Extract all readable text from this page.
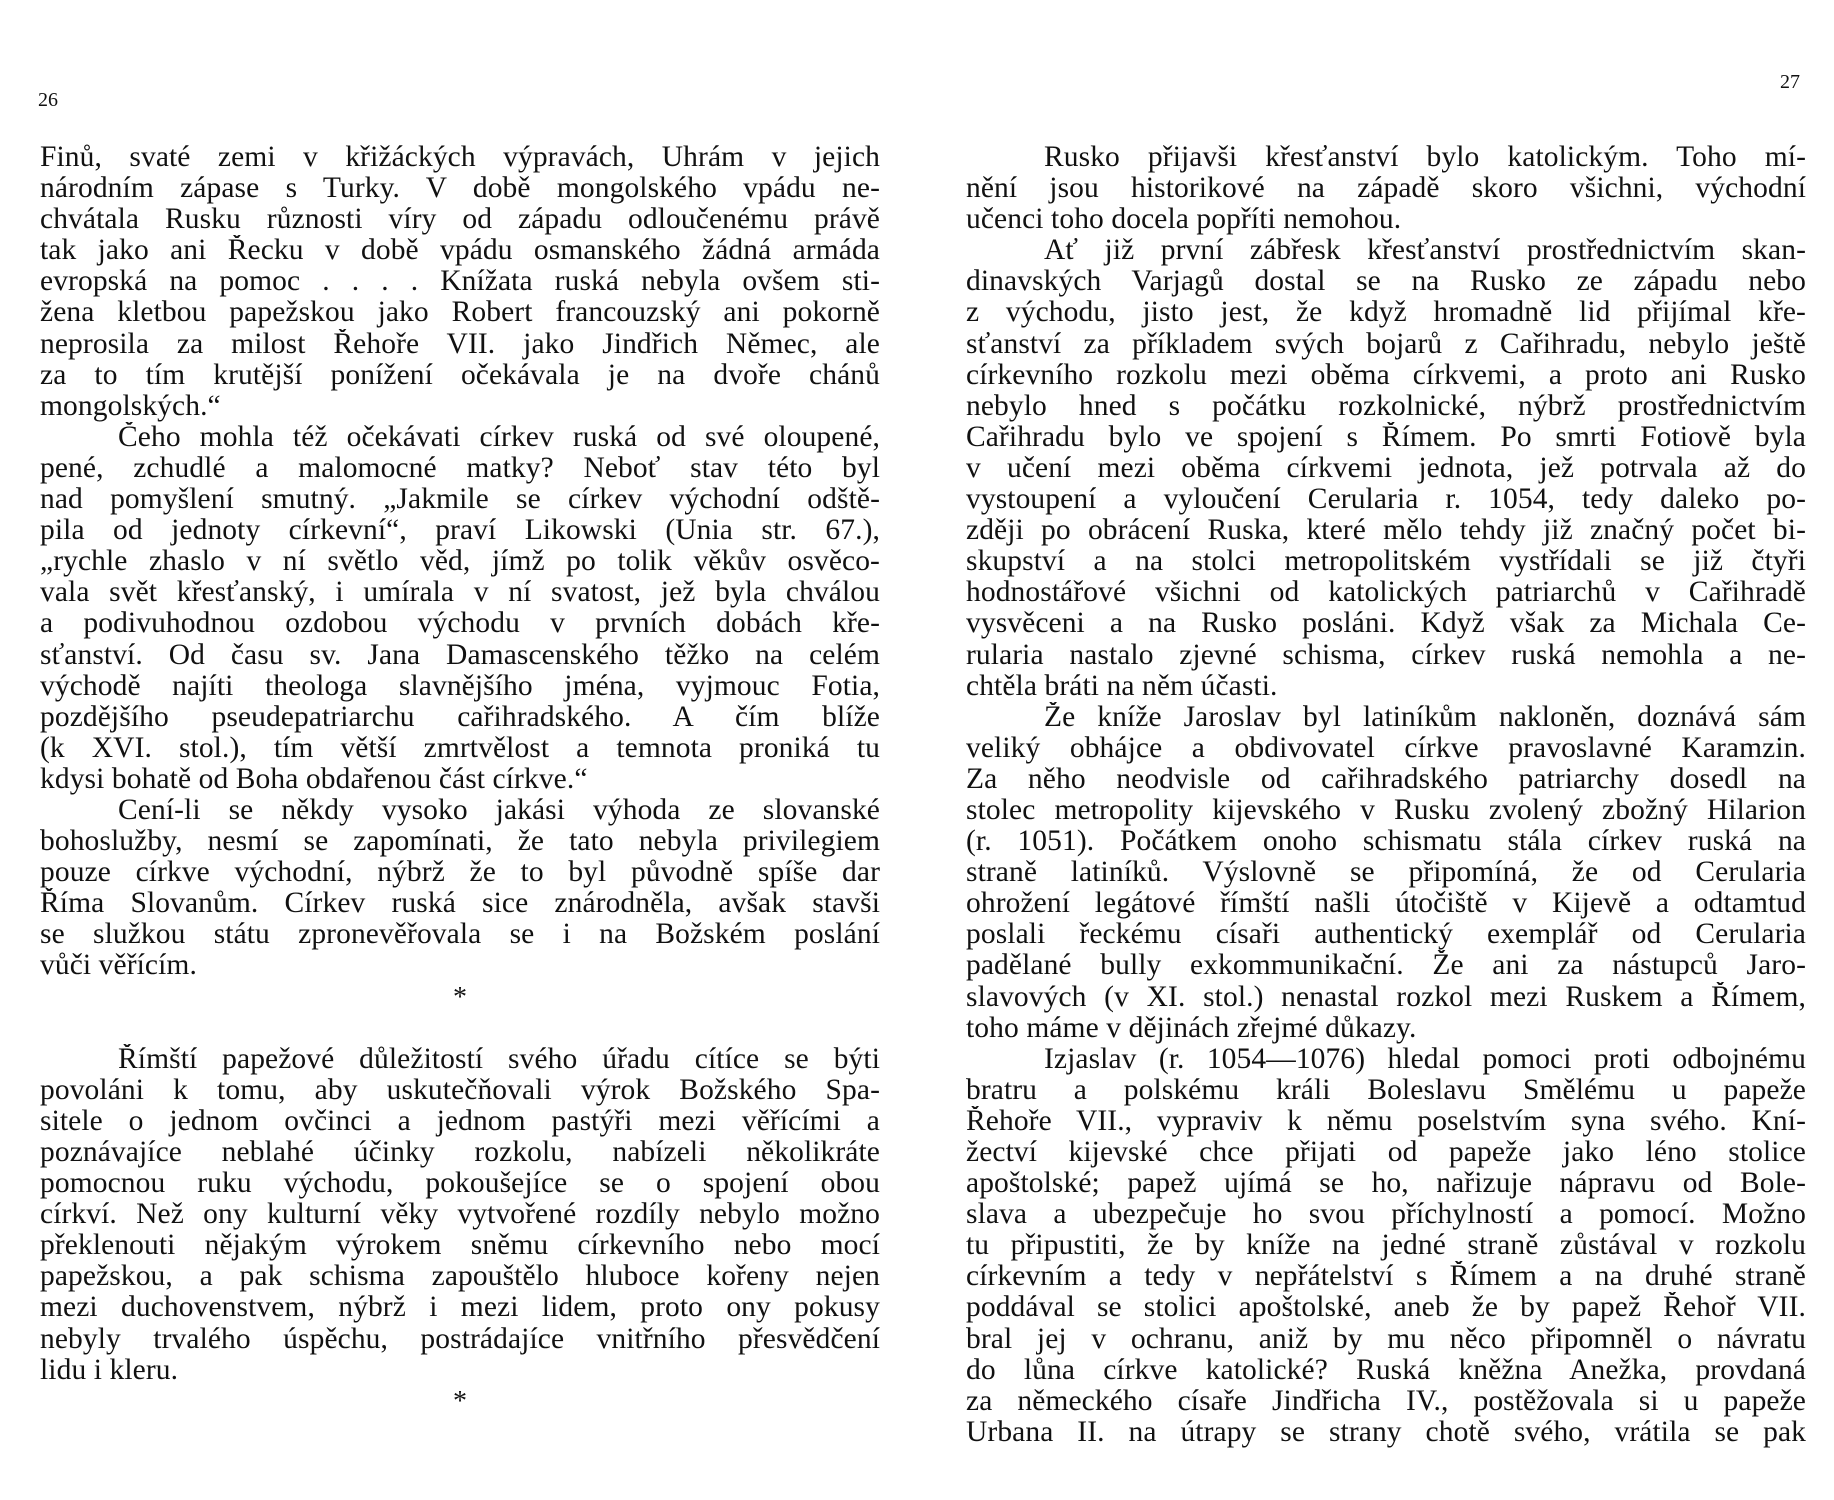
26
27
Finů, svaté zemi v křižáckých výpravách, Uhrám v jejich
národním zápase s Turky. V době mongolského vpádu ne-
chvátala Rusku různosti víry od západu odloučenému právě
tak jako ani Řecku v době vpádu osmanského žádná armáda
evropská na pomoc . . . . Knížata ruská nebyla ovšem sti-
žena kletbou papežskou jako Robert francouzský ani pokorně
neprosila za milost Řehoře VII. jako Jindřich Němec, ale
za to tím krutější ponížení očekávala je na dvoře chánů
mongolských.“
Čeho mohla též očekávati církev ruská od své oloupené,
pené, zchudlé a malomocné matky? Neboť stav této byl
nad pomyšlení smutný. „Jakmile se církev východní odště-
pila od jednoty církevní“, praví Likowski (Unia str. 67.),
„rychle zhaslo v ní světlo věd, jímž po tolik věkův osvěco-
vala svět křesťanský, i umírala v ní svatost, jež byla chválou
a podivuhodnou ozdobou východu v prvních dobách kře-
sťanství. Od času sv. Jana Damascenského těžko na celém
východě najíti theologa slavnějšího jména, vyjmouc Fotia,
pozdějšího pseudepatriarchu cařihradského. A čím blíže
(k XVI. stol.), tím větší zmrtvělost a temnota proniká tu
kdysi bohatě od Boha obdařenou část církve.“
Cení-li se někdy vysoko jakási výhoda ze slovanské
bohoslužby, nesmí se zapomínati, že tato nebyla privilegiem
pouze církve východní, nýbrž že to byl původně spíše dar
Říma Slovanům. Církev ruská sice znárodněla, avšak stavši
se služkou státu zpronevěřovala se i na Božském poslání
vůči věřícím.
*
Římští papežové důležitostí svého úřadu cítíce se býti
povoláni k tomu, aby uskutečňovali výrok Božského Spa-
sitele o jednom ovčinci a jednom pastýři mezi věřícími a
poznávajíce neblahé účinky rozkolu, nabízeli několikráte
pomocnou ruku východu, pokoušejíce se o spojení obou
církví. Než ony kulturní věky vytvořené rozdíly nebylo možno
překlenouti nějakým výrokem sněmu církevního nebo mocí
papežskou, a pak schisma zapouštělo hluboce kořeny nejen
mezi duchovenstvem, nýbrž i mezi lidem, proto ony pokusy
nebyly trvalého úspěchu, postrádajíce vnitřního přesvědčení
lidu i kleru.
*
Rusko přijavši křesťanství bylo katolickým. Toho mí-
nění jsou historikové na západě skoro všichni, východní
učenci toho docela popříti nemohou.
Ať již první zábřesk křesťanství prostřednictvím skan-
dinavských Varjagů dostal se na Rusko ze západu nebo
z východu, jisto jest, že když hromadně lid přijímal kře-
sťanství za příkladem svých bojarů z Cařihradu, nebylo ještě
církevního rozkolu mezi oběma církvemi, a proto ani Rusko
nebylo hned s počátku rozkolnické, nýbrž prostřednictvím
Cařihradu bylo ve spojení s Římem. Po smrti Fotiově byla
v učení mezi oběma církvemi jednota, jež potrvala až do
vystoupení a vyloučení Cerularia r. 1054, tedy daleko po-
zději po obrácení Ruska, které mělo tehdy již značný počet bi-
skupství a na stolci metropolitském vystřídali se již čtyři
hodnostářové všichni od katolických patriarchů v Cařihradě
vysvěceni a na Rusko posláni. Když však za Michala Ce-
rularia nastalo zjevné schisma, církev ruská nemohla a ne-
chtěla bráti na něm účasti.
Že kníže Jaroslav byl latiníkům nakloněn, doznává sám
veliký obhájce a obdivovatel církve pravoslavné Karamzin.
Za něho neodvisle od cařihradského patriarchy dosedl na
stolec metropolity kijevského v Rusku zvolený zbožný Hilarion
(r. 1051). Počátkem onoho schismatu stála církev ruská na
straně latiníků. Výslovně se připomíná, že od Cerularia
ohrožení legátové římští našli útočiště v Kijevě a odtamtud
poslali řeckému císaři authentický exemplář od Cerularia
padělané bully exkommunikační. Že ani za nástupců Jaro-
slavových (v XI. stol.) nenastal rozkol mezi Ruskem a Římem,
toho máme v dějinách zřejmé důkazy.
Izjaslav (r. 1054—1076) hledal pomoci proti odbojnému
bratru a polskému králi Boleslavu Smělému u papeže
Řehoře VII., vypraviv k němu poselstvím syna svého. Kní-
žectví kijevské chce přijati od papeže jako léno stolice
apoštolské; papež ujímá se ho, nařizuje nápravu od Bole-
slava a ubezpečuje ho svou příchylností a pomocí. Možno
tu připustiti, že by kníže na jedné straně zůstával v rozkolu
církevním a tedy v nepřátelství s Římem a na druhé straně
poddával se stolici apoštolské, aneb že by papež Řehoř VII.
bral jej v ochranu, aniž by mu něco připomněl o návratu
do lůna církve katolické? Ruská kněžna Anežka, provdaná
za německého císaře Jindřicha IV., postěžovala si u papeže
Urbana II. na útrapy se strany chotě svého, vrátila se pak
